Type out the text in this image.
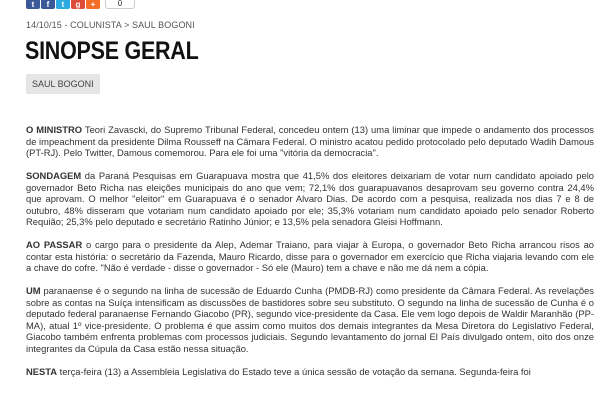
t	f	t	g	+	0
14/10/15 - COLUNISTA > SAUL BOGONI
SINOPSE GERAL
SAUL BOGONI

O MINISTRO Teori Zavascki, do Supremo Tribunal Federal, concedeu ontem (13) uma liminar que impede o andamento dos processos de impeachment da presidente Dilma Rousseff na Câmara Federal. O ministro acatou pedido protocolado pelo deputado Wadih Damous (PT-RJ). Pelo Twitter, Damous comemorou. Para ele foi uma "vitória da democracia".

SONDAGEM da Paraná Pesquisas em Guarapuava mostra que 41,5% dos eleitores deixariam de votar num candidato apoiado pelo governador Beto Richa nas eleições municipais do ano que vem; 72,1% dos guarapuavanos desaprovam seu governo contra 24,4% que aprovam. O melhor "eleitor" em Guarapuava é o senador Alvaro Dias. De acordo com a pesquisa, realizada nos dias 7 e 8 de outubro, 48% disseram que votariam num candidato apoiado por ele; 35,3% votariam num candidato apoiado pelo senador Roberto Requião; 25,3% pelo deputado e secretário Ratinho Júnior; e 13,5% pela senadora Gleisi Hoffmann.

AO PASSAR o cargo para o presidente da Alep, Ademar Traiano, para viajar à Europa, o governador Beto Richa arrancou risos ao contar esta história: o secretário da Fazenda, Mauro Ricardo, disse para o governador em exercício que Richa viajaria levando com ele a chave do cofre. "Não é verdade - disse o governador - Só ele (Mauro) tem a chave e não me dá nem a cópia.

UM paranaense é o segundo na linha de sucessão de Eduardo Cunha (PMDB-RJ) como presidente da Câmara Federal. As revelações sobre as contas na Suíça intensificam as discussões de bastidores sobre seu substituto. O segundo na linha de sucessão de Cunha é o deputado federal paranaense Fernando Giacobo (PR), segundo vice-presidente da Casa. Ele vem logo depois de Waldir Maranhão (PP-MA), atual 1º vice-presidente. O problema é que assim como muitos dos demais integrantes da Mesa Diretora do Legislativo Federal, Giacobo também enfrenta problemas com processos judiciais. Segundo levantamento do jornal El País divulgado ontem, oito dos onze integrantes da Cúpula da Casa estão nessa situação.

NESTA terça-feira (13) a Assembleia Legislativa do Estado teve a única sessão de votação da semana. Segunda-feira foi
